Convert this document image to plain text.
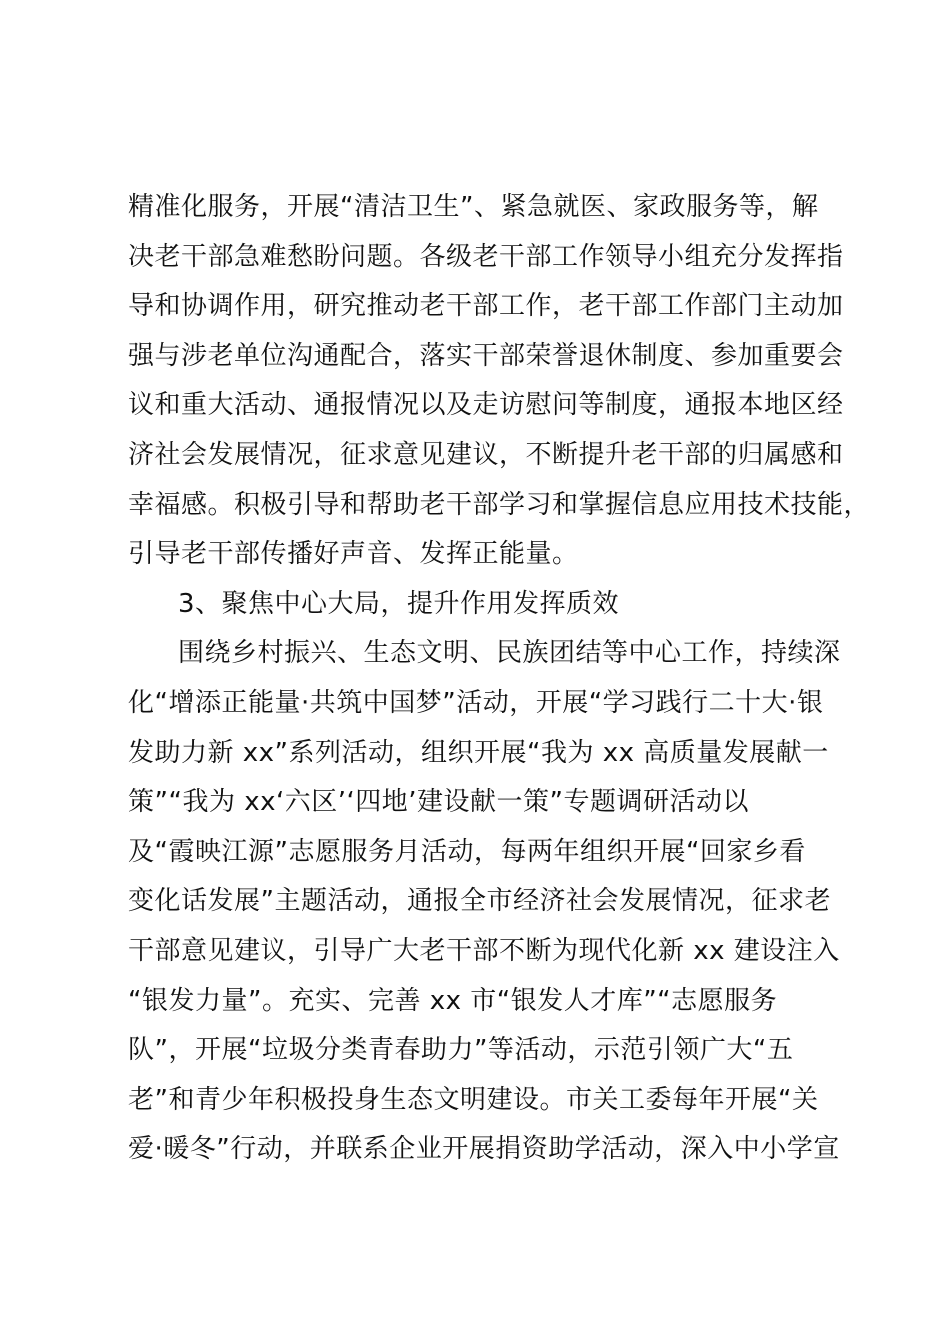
精准化服务，开展“清洁卫生”、紧急就医、家政服务等，解
决老干部急难愁盼问题。各级老干部工作领导小组充分发挥指
导和协调作用，研究推动老干部工作，老干部工作部门主动加
强与涉老单位沟通配合，落实干部荣誉退休制度、参加重要会
议和重大活动、通报情况以及走访慰问等制度，通报本地区经
济社会发展情况，征求意见建议，不断提升老干部的归属感和
幸福感。积极引导和帮助老干部学习和掌握信息应用技术技能，
引导老干部传播好声音、发挥正能量。
3、聚焦中心大局，提升作用发挥质效
围绕乡村振兴、生态文明、民族团结等中心工作，持续深
化“增添正能量·共筑中国梦”活动，开展“学习践行二十大·银
发助力新 xx”系列活动，组织开展“我为 xx 高质量发展献一
策”“我为 xx‘六区’‘四地’建设献一策”专题调研活动以
及“霞映江源”志愿服务月活动，每两年组织开展“回家乡看
变化话发展”主题活动，通报全市经济社会发展情况，征求老
干部意见建议，引导广大老干部不断为现代化新 xx 建设注入
“银发力量”。充实、完善 xx 市“银发人才库”“志愿服务
队”，开展“垃圾分类青春助力”等活动，示范引领广大“五
老”和青少年积极投身生态文明建设。市关工委每年开展“关
爱·暖冬”行动，并联系企业开展捐资助学活动，深入中小学宣
